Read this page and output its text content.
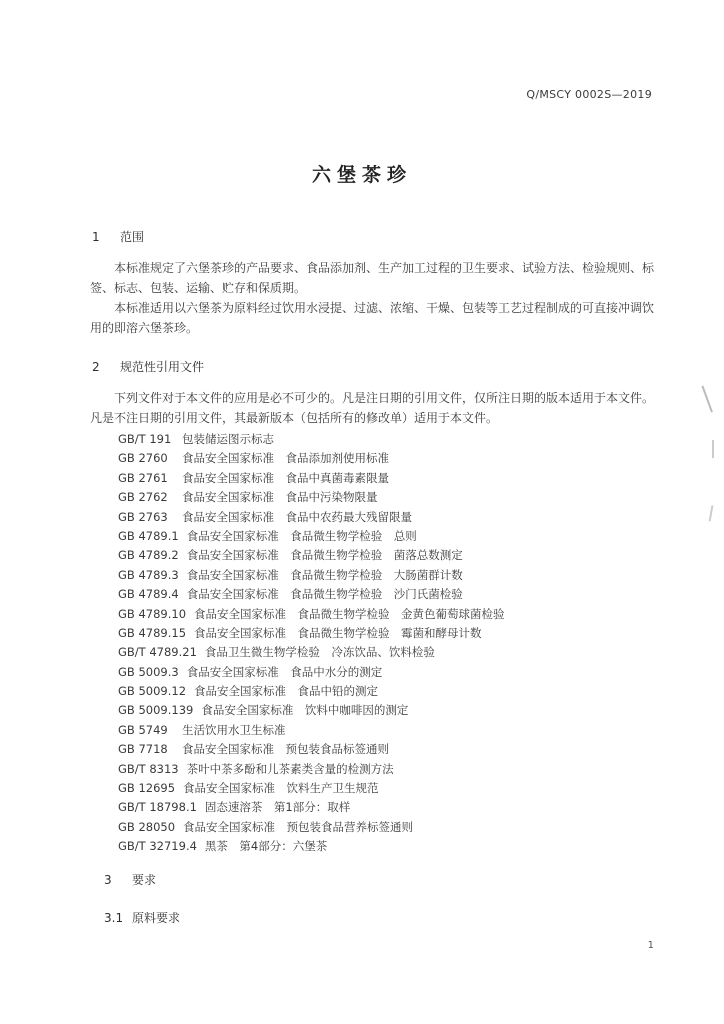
Q/MSCY 0002S—2019
六堡茶珍
1 范围
本标准规定了六堡茶珍的产品要求、食品添加剂、生产加工过程的卫生要求、试验方法、检验规则、标签、标志、包装、运输、贮存和保质期。
本标准适用以六堡茶为原料经过饮用水浸提、过滤、浓缩、干燥、包装等工艺过程制成的可直接冲调饮用的即溶六堡茶珍。
2 规范性引用文件
下列文件对于本文件的应用是必不可少的。凡是注日期的引用文件，仅所注日期的版本适用于本文件。凡是不注日期的引用文件，其最新版本（包括所有的修改单）适用于本文件。
GB/T 191 包装储运图示标志
GB 2760 食品安全国家标准　食品添加剂使用标准
GB 2761 食品安全国家标准　食品中真菌毒素限量
GB 2762 食品安全国家标准　食品中污染物限量
GB 2763 食品安全国家标准　食品中农药最大残留限量
GB 4789.1 食品安全国家标准　食品微生物学检验　总则
GB 4789.2 食品安全国家标准　食品微生物学检验　菌落总数测定
GB 4789.3 食品安全国家标准　食品微生物学检验　大肠菌群计数
GB 4789.4 食品安全国家标准　食品微生物学检验　沙门氏菌检验
GB 4789.10 食品安全国家标准　食品微生物学检验　金黄色葡萄球菌检验
GB 4789.15 食品安全国家标准　食品微生物学检验　霉菌和酵母计数
GB/T 4789.21 食品卫生微生物学检验　冷冻饮品、饮料检验
GB 5009.3 食品安全国家标准　食品中水分的测定
GB 5009.12 食品安全国家标准　食品中铅的测定
GB 5009.139 食品安全国家标准　饮料中咖啡因的测定
GB 5749 生活饮用水卫生标准
GB 7718 食品安全国家标准　预包装食品标签通则
GB/T 8313 茶叶中茶多酚和儿茶素类含量的检测方法
GB 12695 食品安全国家标准　饮料生产卫生规范
GB/T 18798.1 固态速溶茶　第1部分：取样
GB 28050 食品安全国家标准　预包装食品营养标签通则
GB/T 32719.4 黑茶　第4部分：六堡茶
3 要求
3.1 原料要求
1
